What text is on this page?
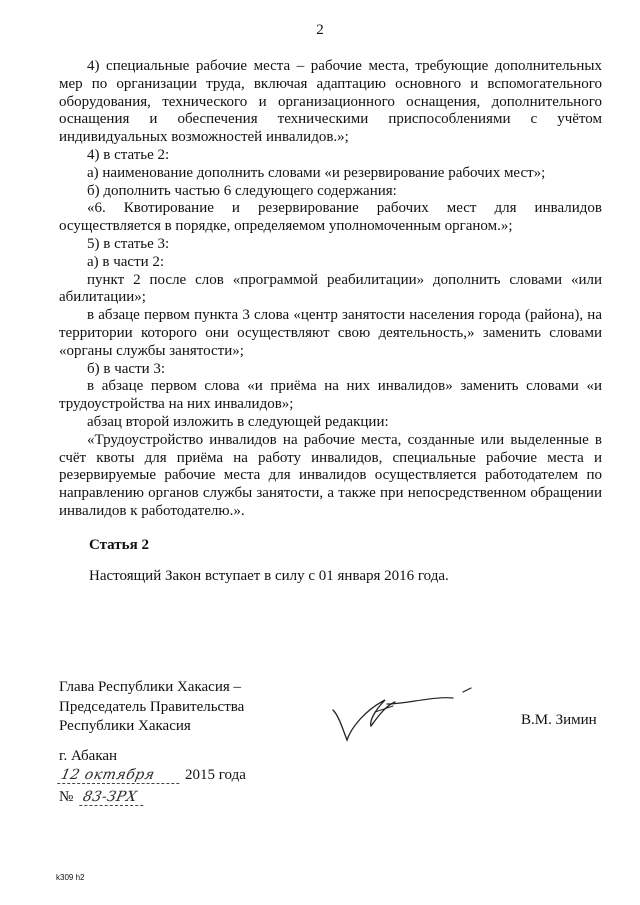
2

4) специальные рабочие места – рабочие места, требующие дополнительных мер по организации труда, включая адаптацию основного и вспомогательного оборудования, технического и организационного оснащения, дополнительного оснащения и обеспечения техническими приспособлениями с учётом индивидуальных возможностей инвалидов.»;

4) в статье 2:

а) наименование дополнить словами «и резервирование рабочих мест»;

б) дополнить частью 6 следующего содержания:

«6. Квотирование и резервирование рабочих мест для инвалидов осуществляется в порядке, определяемом уполномоченным органом.»;

5) в статье 3:

а) в части 2:

пункт 2 после слов «программой реабилитации» дополнить словами «или абилитации»;

в абзаце первом пункта 3 слова «центр занятости населения города (района), на территории которого они осуществляют свою деятельность,» заменить словами «органы службы занятости»;

б) в части 3:

в абзаце первом слова «и приёма на них инвалидов» заменить словами «и трудоустройства на них инвалидов»;

абзац второй изложить в следующей редакции:

«Трудоустройство инвалидов на рабочие места, созданные или выделенные в счёт квоты для приёма на работу инвалидов, специальные рабочие места и резервируемые рабочие места для инвалидов осуществляется работодателем по направлению органов службы занятости, а также при непосредственном обращении инвалидов к работодателю.».

Статья 2
Настоящий Закон вступает в силу с 01 января 2016 года.
Глава Республики Хакасия –
Председатель Правительства
Республики Хакасия	В.М. Зимин
г. Абакан
12 октября	2015 года
№ 83-ЗРХ
k309 h2
